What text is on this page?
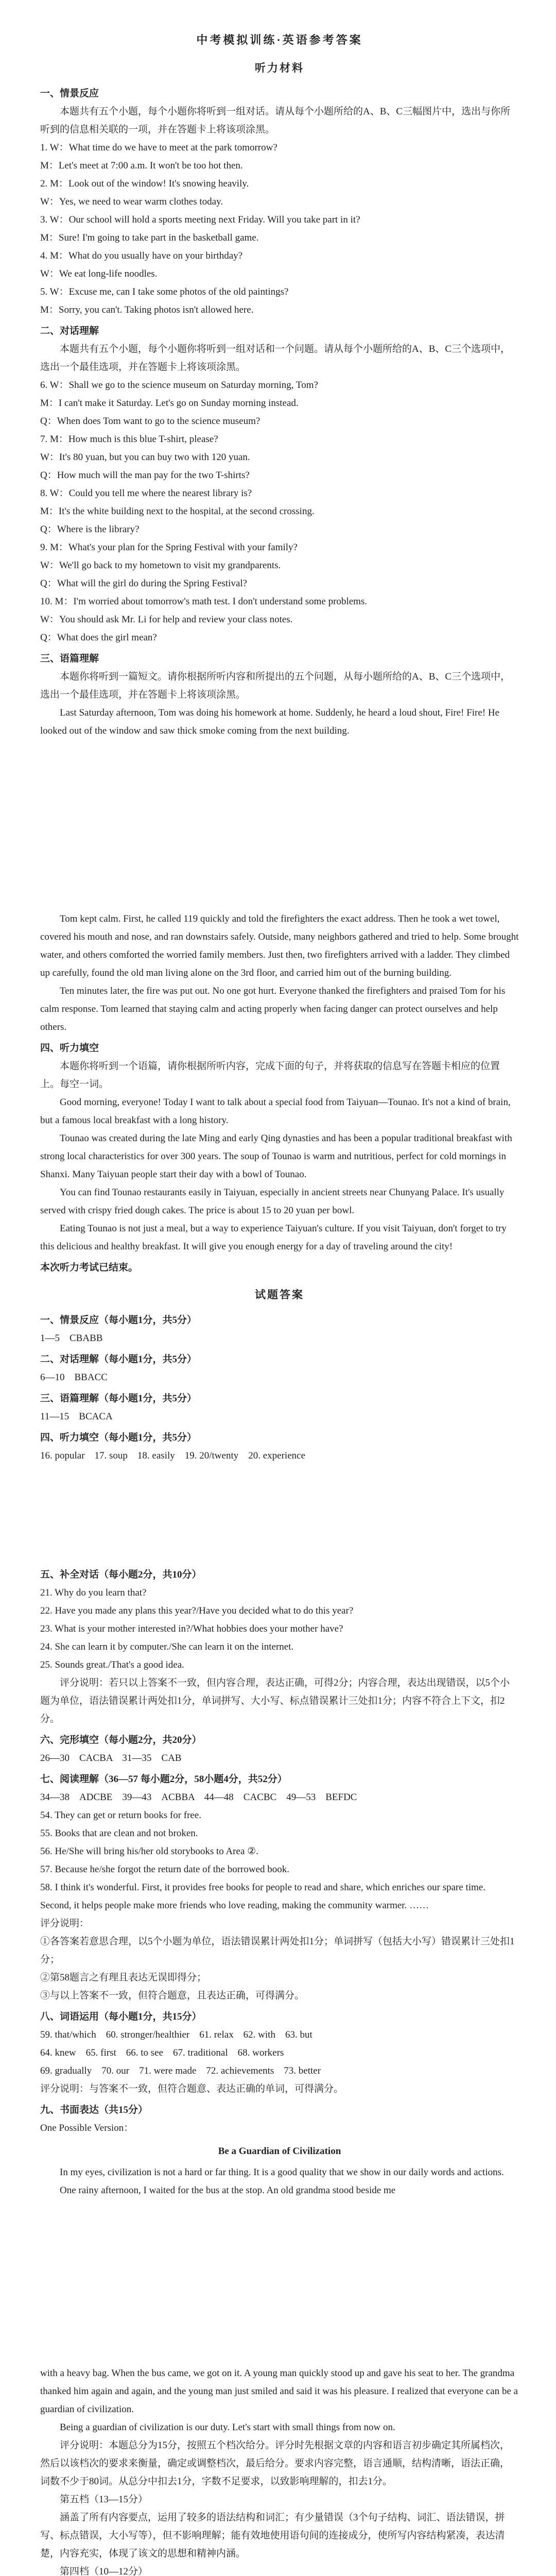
中考模拟训练·英语参考答案

听力材料

一、情景反应

本题共有五个小题，每个小题你将听到一组对话。请从每个小题所给的A、B、C三幅图片中，选出与你所听到的信息相关联的一项，并在答题卡上将该项涂黑。

1. W：What time do we have to meet at the park tomorrow?

M：Let's meet at 7:00 a.m. It won't be too hot then.

2. M：Look out of the window! It's snowing heavily.

W：Yes, we need to wear warm clothes today.

3. W：Our school will hold a sports meeting next Friday. Will you take part in it?

M：Sure! I'm going to take part in the basketball game.

4. M：What do you usually have on your birthday?

W：We eat long-life noodles.

5. W：Excuse me, can I take some photos of the old paintings?

M：Sorry, you can't. Taking photos isn't allowed here.

二、对话理解

本题共有五个小题，每个小题你将听到一组对话和一个问题。请从每个小题所给的A、B、C三个选项中，选出一个最佳选项，并在答题卡上将该项涂黑。

6. W：Shall we go to the science museum on Saturday morning, Tom?

M：I can't make it Saturday. Let's go on Sunday morning instead.

Q：When does Tom want to go to the science museum?

7. M：How much is this blue T-shirt, please?

W：It's 80 yuan, but you can buy two with 120 yuan.

Q：How much will the man pay for the two T-shirts?

8. W：Could you tell me where the nearest library is?

M：It's the white building next to the hospital, at the second crossing.

Q：Where is the library?

9. M：What's your plan for the Spring Festival with your family?

W：We'll go back to my hometown to visit my grandparents.

Q：What will the girl do during the Spring Festival?

10. M：I'm worried about tomorrow's math test. I don't understand some problems.

W：You should ask Mr. Li for help and review your class notes.

Q：What does the girl mean?

三、语篇理解

本题你将听到一篇短文。请你根据所听内容和所提出的五个问题，从每小题所给的A、B、C三个选项中，选出一个最佳选项，并在答题卡上将该项涂黑。

Last Saturday afternoon, Tom was doing his homework at home. Suddenly, he heard a loud shout, Fire! Fire! He looked out of the window and saw thick smoke coming from the next building.

Tom kept calm. First, he called 119 quickly and told the firefighters the exact address. Then he took a wet towel, covered his mouth and nose, and ran downstairs safely. Outside, many neighbors gathered and tried to help. Some brought water, and others comforted the worried family members. Just then, two firefighters arrived with a ladder. They climbed up carefully, found the old man living alone on the 3rd floor, and carried him out of the burning building.

Ten minutes later, the fire was put out. No one got hurt. Everyone thanked the firefighters and praised Tom for his calm response. Tom learned that staying calm and acting properly when facing danger can protect ourselves and help others.

四、听力填空

本题你将听到一个语篇，请你根据所听内容，完成下面的句子，并将获取的信息写在答题卡相应的位置上。每空一词。

Good morning, everyone! Today I want to talk about a special food from Taiyuan—Tounao. It's not a kind of brain, but a famous local breakfast with a long history.

Tounao was created during the late Ming and early Qing dynasties and has been a popular traditional breakfast with strong local characteristics for over 300 years. The soup of Tounao is warm and nutritious, perfect for cold mornings in Shanxi. Many Taiyuan people start their day with a bowl of Tounao.

You can find Tounao restaurants easily in Taiyuan, especially in ancient streets near Chunyang Palace. It's usually served with crispy fried dough cakes. The price is about 15 to 20 yuan per bowl.

Eating Tounao is not just a meal, but a way to experience Taiyuan's culture. If you visit Taiyuan, don't forget to try this delicious and healthy breakfast. It will give you enough energy for a day of traveling around the city!

本次听力考试已结束。

试题答案

一、情景反应（每小题1分，共5分）

1—5　CBABB

二、对话理解（每小题1分，共5分）

6—10　BBACC

三、语篇理解（每小题1分，共5分）

11—15　BCACA

四、听力填空（每小题1分，共5分）

16. popular　17. soup　18. easily　19. 20/twenty　20. experience

五、补全对话（每小题2分，共10分）

21. Why do you learn that?

22. Have you made any plans this year?/Have you decided what to do this year?

23. What is your mother interested in?/What hobbies does your mother have?

24. She can learn it by computer./She can learn it on the internet.

25. Sounds great./That's a good idea.

评分说明：若只以上答案不一致，但内容合理，表达正确，可得2分；内容合理，表达出现错误，以5个小题为单位，语法错误累计两处扣1分，单词拼写、大小写、标点错误累计三处扣1分；内容不符合上下文，扣2分。

六、完形填空（每小题2分，共20分）

26—30　CACBA　31—35　CAB

七、阅读理解（36—57 每小题2分，58小题4分，共52分）

34—38　ADCBE　39—43　ACBBA　44—48　CACBC　49—53　BEFDC

54. They can get or return books for free.

55. Books that are clean and not broken.

56. He/She will bring his/her old storybooks to Area ②.

57. Because he/she forgot the return date of the borrowed book.

58. I think it's wonderful. First, it provides free books for people to read and share, which enriches our spare time. Second, it helps people make more friends who love reading, making the community warmer. ……

评分说明：

①各答案若意思合理，以5个小题为单位，语法错误累计两处扣1分；单词拼写（包括大小写）错误累计三处扣1分；

②第58题言之有理且表达无误即得分；

③与以上答案不一致，但符合题意，且表达正确，可得满分。

八、词语运用（每小题1分，共15分）

59. that/which　60. stronger/healthier　61. relax　62. with　63. but

64. knew　65. first　66. to see　67. traditional　68. workers

69. gradually　70. our　71. were made　72. achievements　73. better

评分说明：与答案不一致，但符合题意、表达正确的单词，可得满分。

九、书面表达（共15分）

One Possible Version：

Be a Guardian of Civilization

In my eyes, civilization is not a hard or far thing. It is a good quality that we show in our daily words and actions.

One rainy afternoon, I waited for the bus at the stop. An old grandma stood beside me

with a heavy bag. When the bus came, we got on it. A young man quickly stood up and gave his seat to her. The grandma thanked him again and again, and the young man just smiled and said it was his pleasure. I realized that everyone can be a guardian of civilization.

Being a guardian of civilization is our duty. Let's start with small things from now on.

评分说明：本题总分为15分，按照五个档次给分。评分时先根据文章的内容和语言初步确定其所属档次，然后以该档次的要求来衡量，确定或调整档次，最后给分。要求内容完整，语言通顺，结构清晰，语法正确，词数不少于80词。从总分中扣去1分，字数不足要求，以致影响理解的，扣去1分。

第五档（13—15分）

涵盖了所有内容要点，运用了较多的语法结构和词汇；有少量错误（3个句子结构、词汇、语法错误，拼写、标点错误，大小写等），但不影响理解；能有效地使用语句间的连接成分，使所写内容结构紧凑，表达清楚，内容充实，体现了该文的思想和精神内涵。

第四档（10—12分）
